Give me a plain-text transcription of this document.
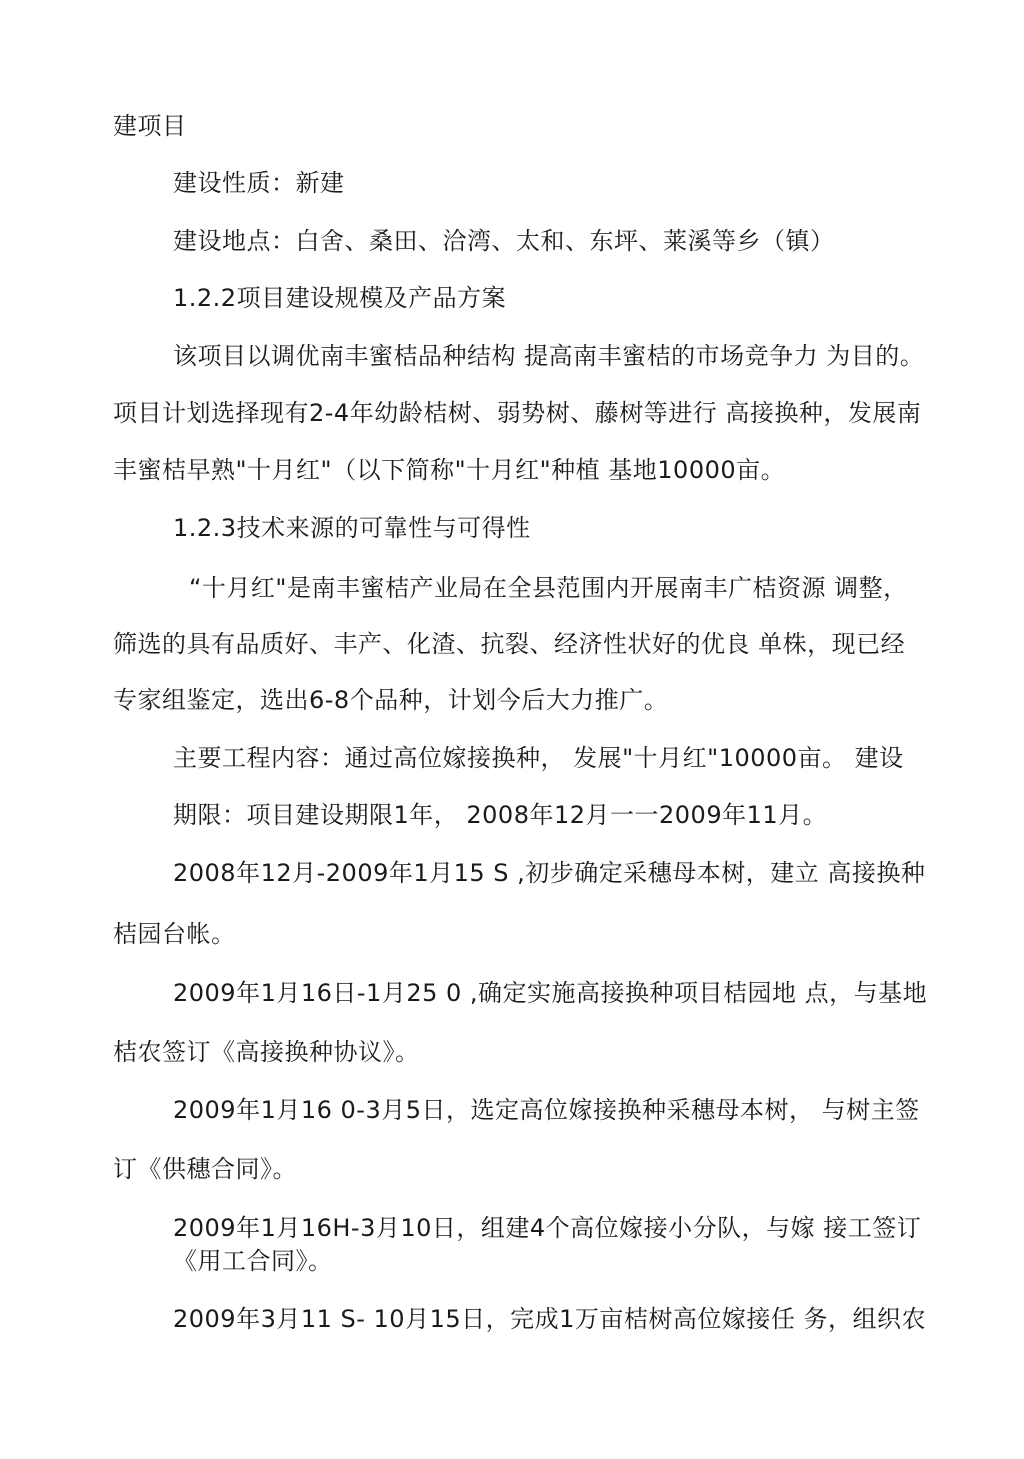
建项目
建设性质：新建
建设地点：白舍、桑田、洽湾、太和、东坪、莱溪等乡（镇）
1.2.2项目建设规模及产品方案
该项目以调优南丰蜜桔品种结构 提高南丰蜜桔的市场竞争力 为目的。
项目计划选择现有2-4年幼龄桔树、弱势树、藤树等进行 高接换种，发展南
丰蜜桔早熟"十月红"（以下简称"十月红"种植 基地10000亩。
1.2.3技术来源的可靠性与可得性
“十月红"是南丰蜜桔产业局在全县范围内开展南丰广桔资源 调整，
筛选的具有品质好、丰产、化渣、抗裂、经济性状好的优良 单株，现已经
专家组鉴定，选出6-8个品种，计划今后大力推广。
主要工程内容：通过高位嫁接换种， 发展"十月红"10000亩。 建设
期限：项目建设期限1年， 2008年12月一一2009年11月。
2008年12月-2009年1月15 S ,初步确定采穗母本树，建立 高接换种
桔园台帐。
2009年1月16日-1月25 0 ,确定实施高接换种项目桔园地 点，与基地
桔农签订《高接换种协议》。
2009年1月16 0-3月5日，选定高位嫁接换种采穗母本树， 与树主签
订《供穗合同》。
2009年1月16H-3月10日，组建4个高位嫁接小分队，与嫁 接工签订
《用工合同》。
2009年3月11 S- 10月15日，完成1万亩桔树高位嫁接任 务，组织农
